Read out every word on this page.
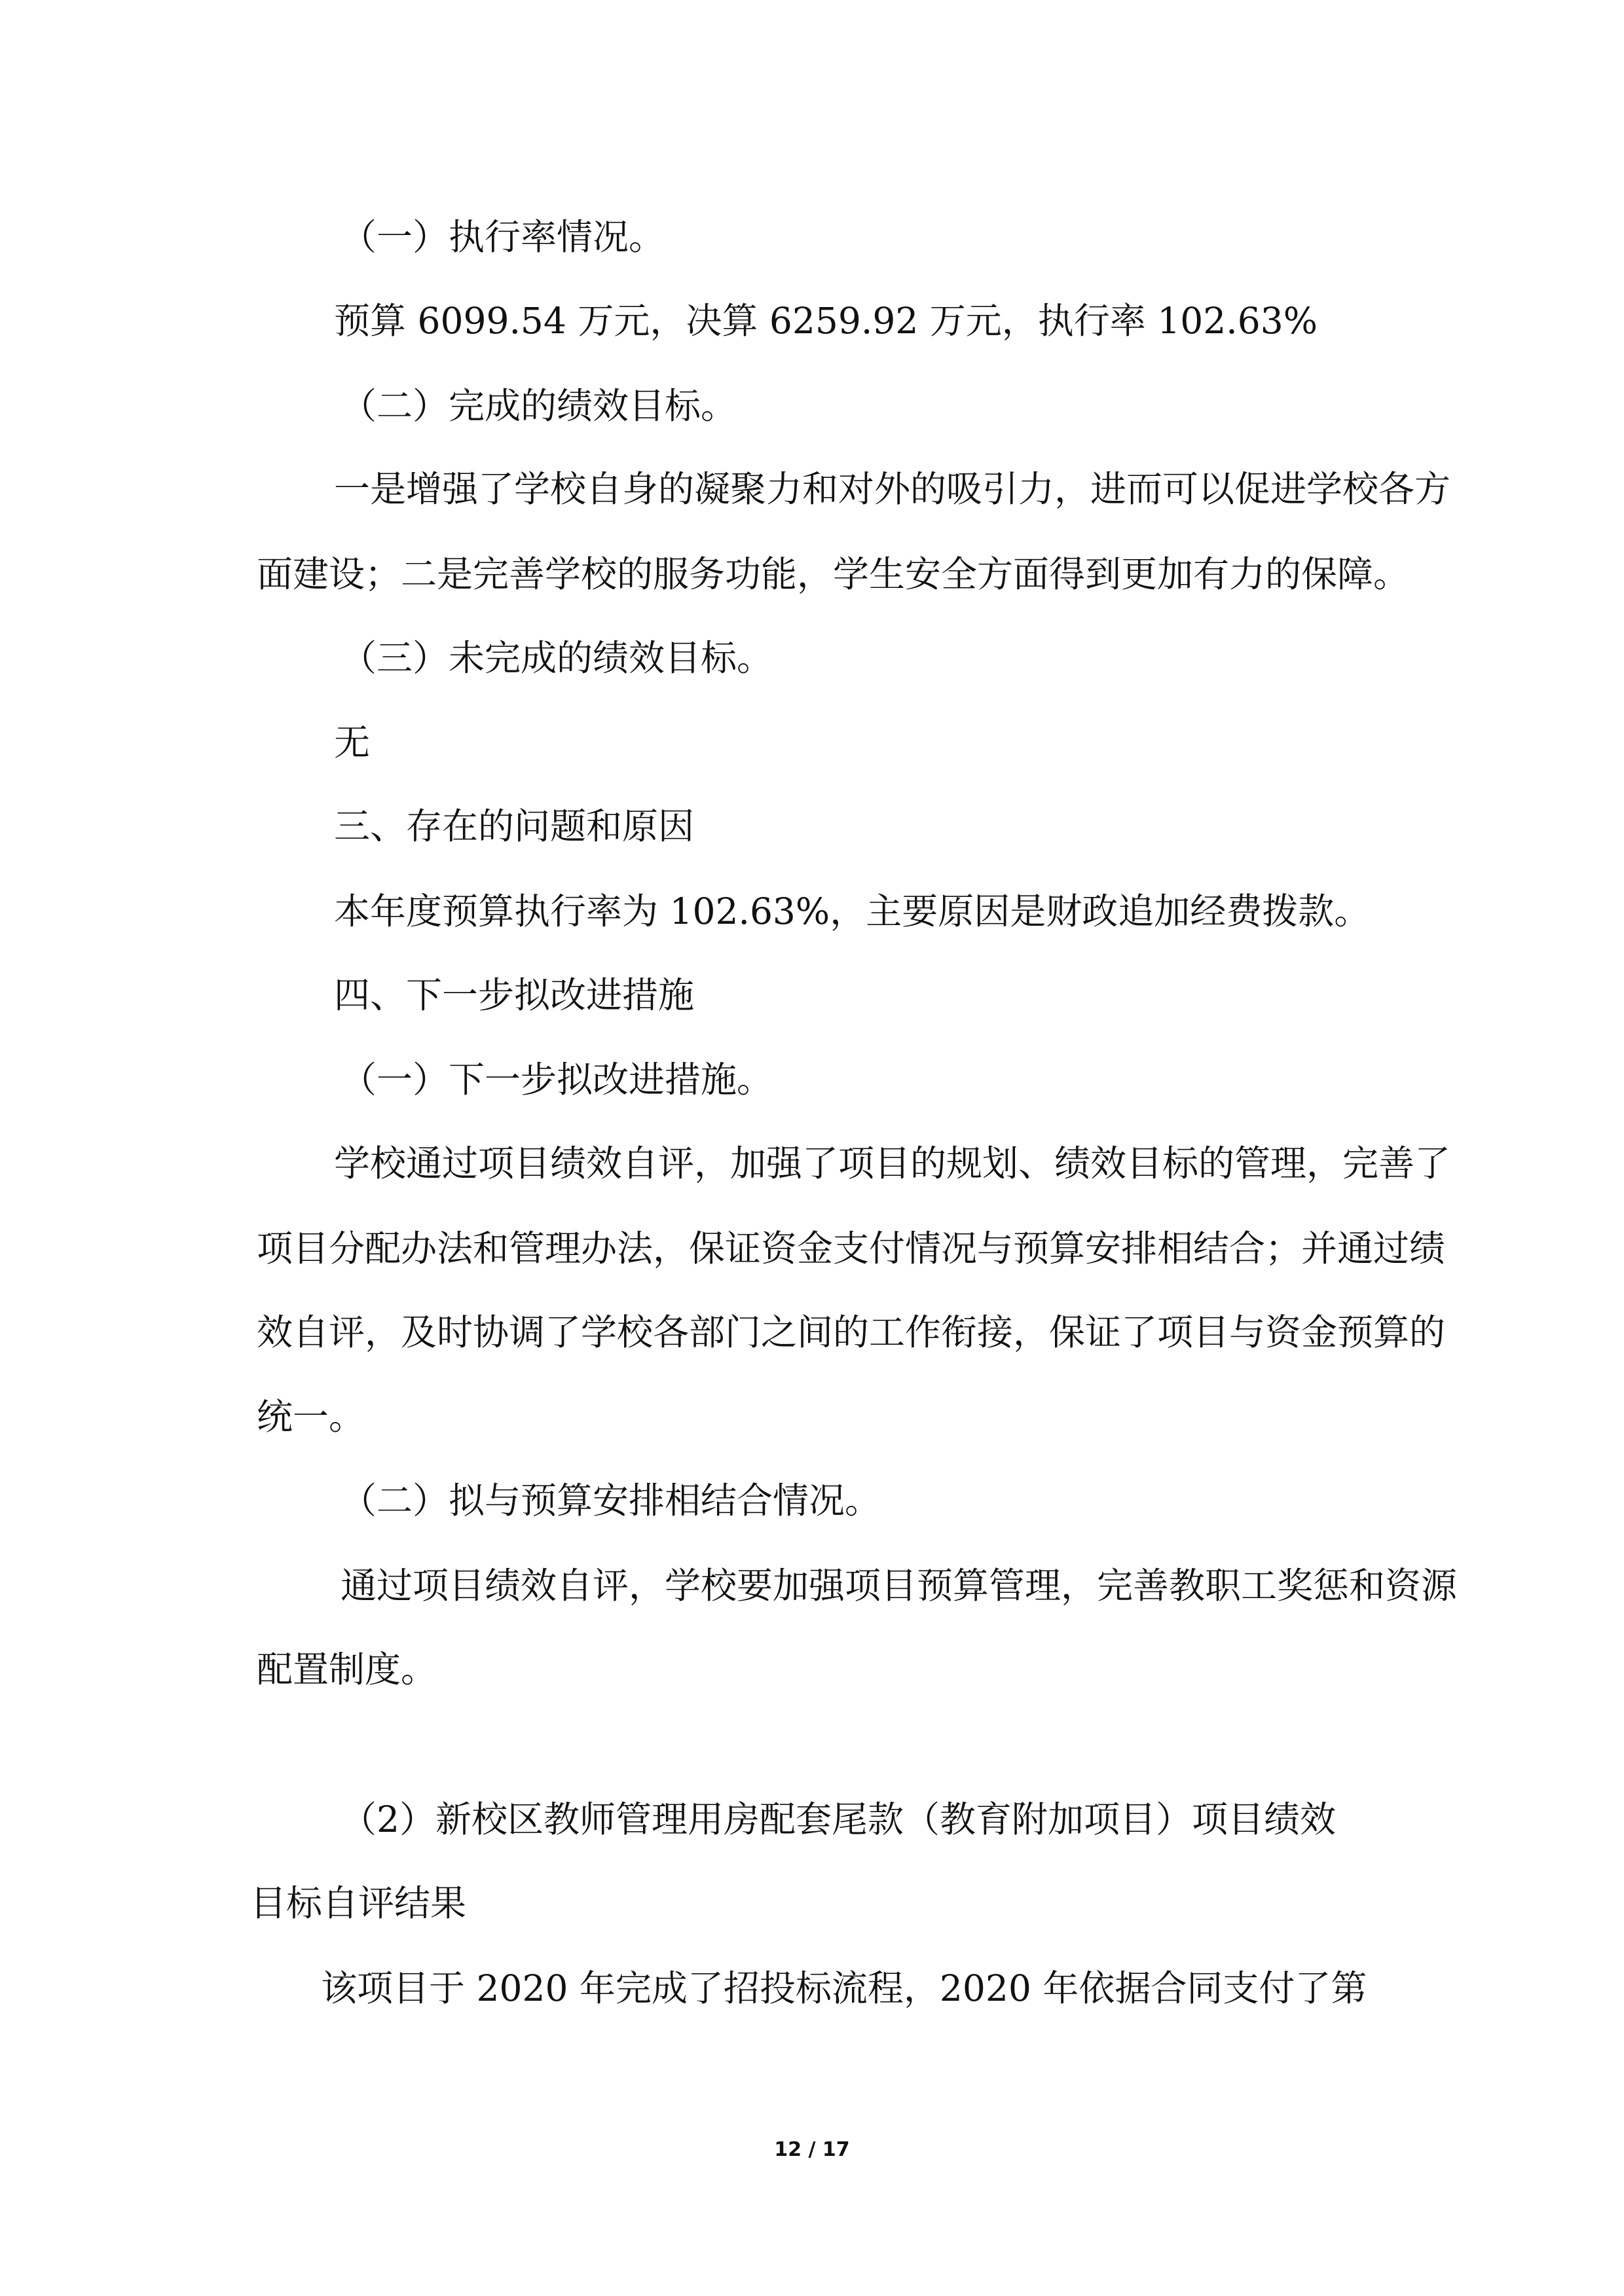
（一）执行率情况。
预算 6099.54 万元，决算 6259.92 万元，执行率 102.63%
（二）完成的绩效目标。
一是增强了学校自身的凝聚力和对外的吸引力，进而可以促进学校各方
面建设；二是完善学校的服务功能，学生安全方面得到更加有力的保障。
（三）未完成的绩效目标。
无
三、存在的问题和原因
本年度预算执行率为 102.63%，主要原因是财政追加经费拨款。
四、下一步拟改进措施
（一）下一步拟改进措施。
学校通过项目绩效自评，加强了项目的规划、绩效目标的管理，完善了
项目分配办法和管理办法，保证资金支付情况与预算安排相结合；并通过绩
效自评，及时协调了学校各部门之间的工作衔接，保证了项目与资金预算的
统一。
（二）拟与预算安排相结合情况。
通过项目绩效自评，学校要加强项目预算管理，完善教职工奖惩和资源
配置制度。
（2）新校区教师管理用房配套尾款（教育附加项目）项目绩效
目标自评结果
该项目于 2020 年完成了招投标流程，2020 年依据合同支付了第
12 / 17
